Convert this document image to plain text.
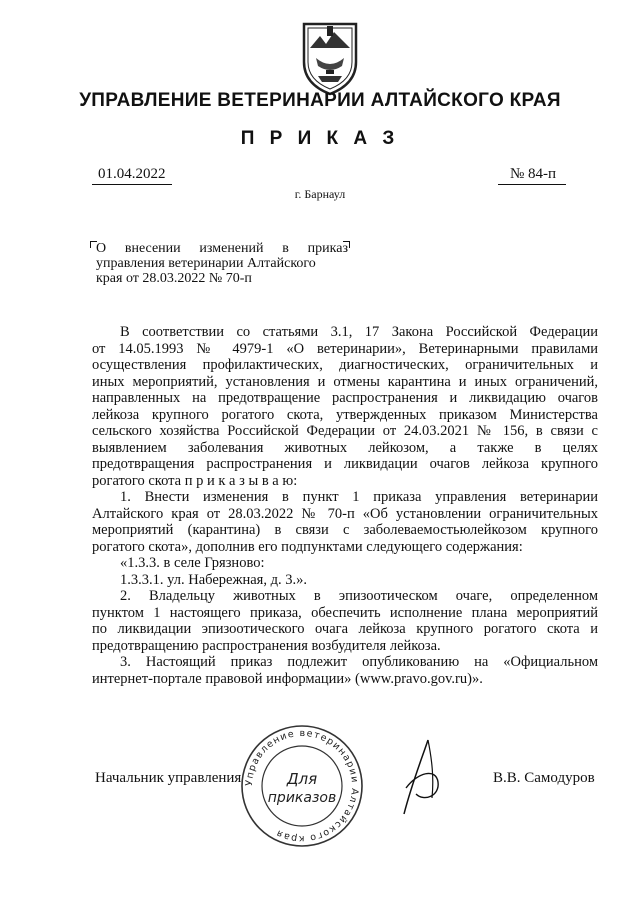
УПРАВЛЕНИЕ ВЕТЕРИНАРИИ АЛТАЙСКОГО КРАЯ
П Р И К А З
01.04.2022	№ 84-п
г. Барнаул
О внесении изменений в приказ
управления ветеринарии Алтайского
края от 28.03.2022 № 70-п
В соответствии со статьями 3.1, 17 Закона Российской Федерации
от 14.05.1993 № 4979-1 «О ветеринарии», Ветеринарными правилами
осуществления профилактических, диагностических, ограничительных и
иных мероприятий, установления и отмены карантина и иных ограничений,
направленных на предотвращение распространения и ликвидацию очагов
лейкоза крупного рогатого скота, утвержденных приказом Министерства
сельского хозяйства Российской Федерации от 24.03.2021 № 156, в связи с
выявлением заболевания животных лейкозом, а также в целях
предотвращения распространения и ликвидации очагов лейкоза крупного
рогатого скота п р и к а з ы в а ю:
1. Внести изменения в пункт 1 приказа управления ветеринарии
Алтайского края от 28.03.2022 № 70-п «Об установлении ограничительных
мероприятий (карантина) в связи с заболеваемостьюлейкозом крупного
рогатого скота», дополнив его подпунктами следующего содержания:
«1.3.3. в селе Грязново:
1.3.3.1. ул. Набережная, д. 3.».
2. Владельцу животных в эпизоотическом очаге, определенном
пунктом 1 настоящего приказа, обеспечить исполнение плана мероприятий
по ликвидации эпизоотического очага лейкоза крупного рогатого скота и
предотвращению распространения возбудителя лейкоза.
3. Настоящий приказ подлежит опубликованию на «Официальном
интернет-портале правовой информации» (www.pravo.gov.ru)».
Начальник управления	В.В. Самодуров
Управление ветеринарии Алтайского края
Для
приказов
